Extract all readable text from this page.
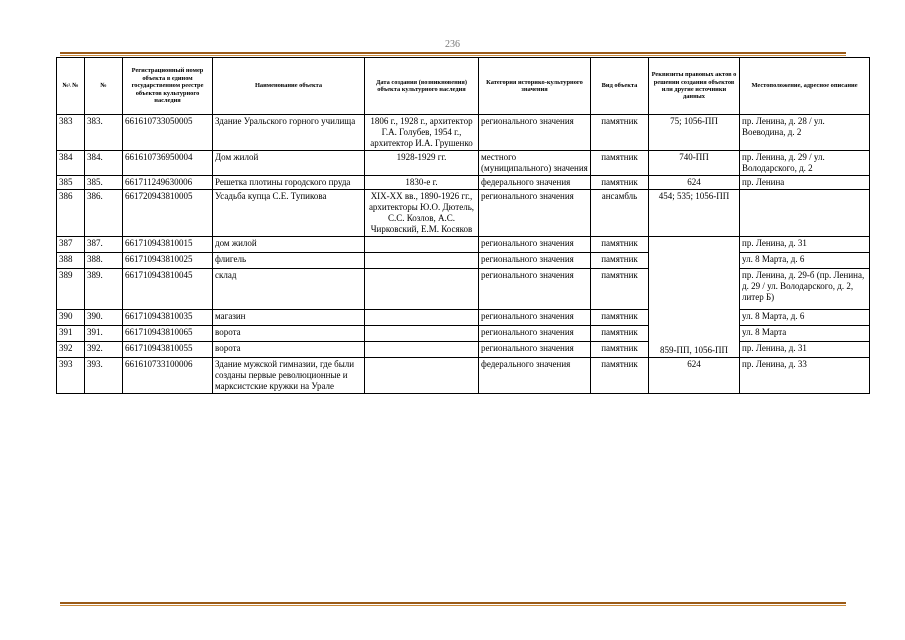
236
№\ №	№	Регистрационный номер объекта в едином государственном реестре объектов культурного наследия	Наименование объекта	Дата создания (возникновения) объекта культурного наследия	Категория историко-культурного значения	Вид объекта	Реквизиты правовых актов о решении создания объектов или другие источники данных	Местоположение, адресное описание
383	383.	661610733050005	Здание Уральского горного училища	1806 г., 1928 г., архитектор Г.А. Голубев, 1954 г., архитектор И.А. Грушенко	регионального значения	памятник	75; 1056-ПП	пр. Ленина, д. 28 / ул. Воеводина, д. 2
384	384.	661610736950004	Дом жилой	1928-1929 гг.	местного (муниципального) значения	памятник	740-ПП	пр. Ленина, д. 29 / ул. Володарского, д. 2
385	385.	661711249630006	Решетка плотины городского пруда	1830-е г.	федерального значения	памятник	624	пр. Ленина
386	386.	661720943810005	Усадьба купца С.Е. Тупикова	XIX-XX вв., 1890-1926 гг., архитекторы Ю.О. Дютель, С.С. Козлов, А.С. Чирковский, Е.М. Косяков	регионального значения	ансамбль	454; 535; 1056-ПП	
387	387.	661710943810015	дом жилой		регионального значения	памятник	859-ПП, 1056-ПП	пр. Ленина, д. 31
388	388.	661710943810025	флигель		регионального значения	памятник		ул. 8 Марта, д. 6
389	389.	661710943810045	склад		регионального значения	памятник		пр. Ленина, д. 29-б (пр. Ленина, д. 29 / ул. Володарского, д. 2, литер Б)
390	390.	661710943810035	магазин		регионального значения	памятник		ул. 8 Марта, д. 6
391	391.	661710943810065	ворота		регионального значения	памятник		ул. 8 Марта
392	392.	661710943810055	ворота		регионального значения	памятник		пр. Ленина, д. 31
393	393.	661610733100006	Здание мужской гимназии, где были созданы первые революционные и марксистские кружки на Урале		федерального значения	памятник	624	пр. Ленина, д. 33
